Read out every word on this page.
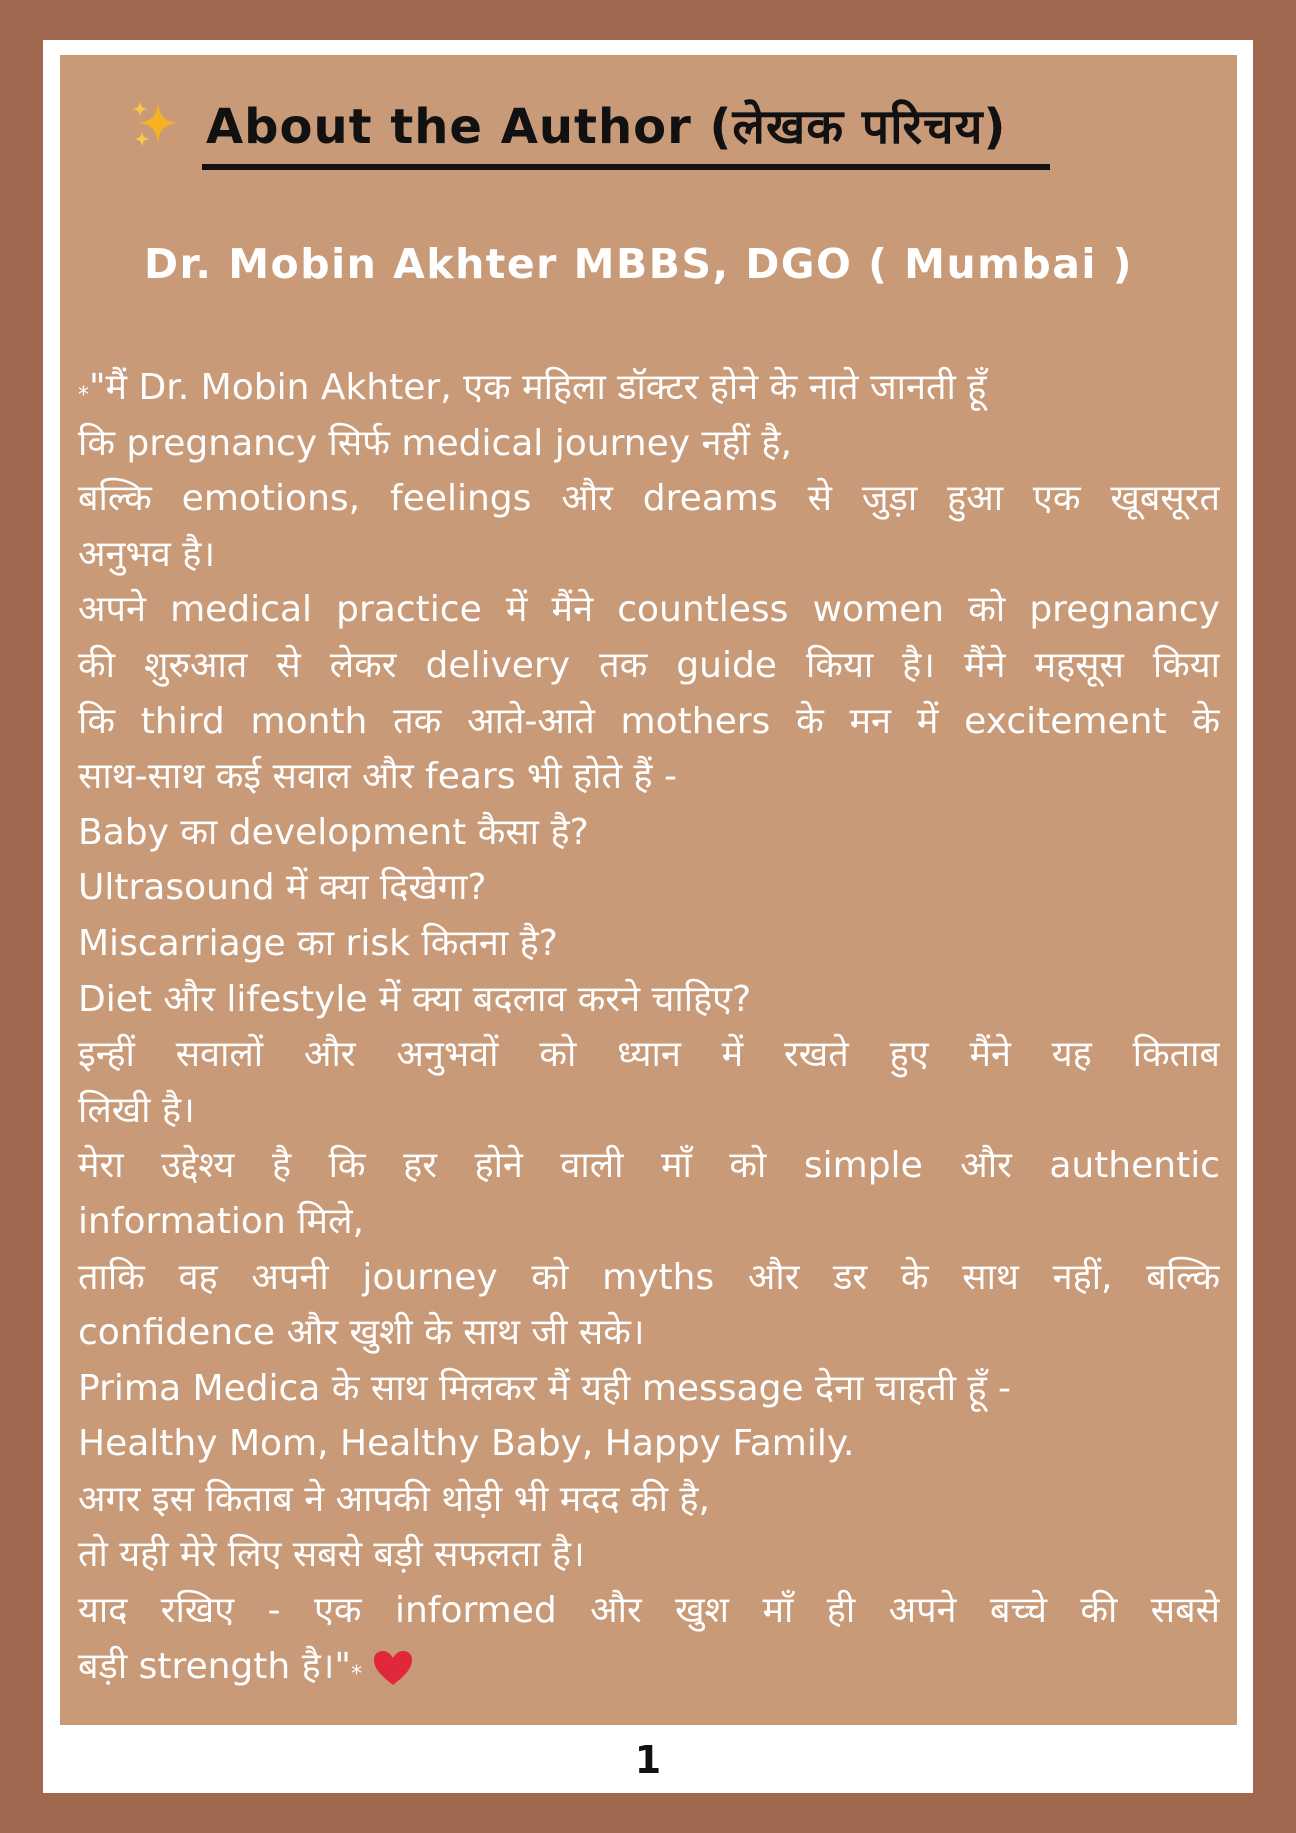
About the Author (लेखक परिचय)
Dr. Mobin Akhter MBBS, DGO ( Mumbai )
⁎"मैं Dr. Mobin Akhter, एक महिला डॉक्टर होने के नाते जानती हूँ
कि pregnancy सिर्फ medical journey नहीं है,
बल्कि emotions, feelings और dreams से जुड़ा हुआ एक खूबसूरत
अनुभव है।
अपने medical practice में मैंने countless women को pregnancy
की शुरुआत से लेकर delivery तक guide किया है। मैंने महसूस किया
कि third month तक आते-आते mothers के मन में excitement के
साथ-साथ कई सवाल और fears भी होते हैं -
Baby का development कैसा है?
Ultrasound में क्या दिखेगा?
Miscarriage का risk कितना है?
Diet और lifestyle में क्या बदलाव करने चाहिए?
इन्हीं सवालों और अनुभवों को ध्यान में रखते हुए मैंने यह किताब
लिखी है।
मेरा उद्देश्य है कि हर होने वाली माँ को simple और authentic
information मिले,
ताकि वह अपनी journey को myths और डर के साथ नहीं, बल्कि
confidence और खुशी के साथ जी सके।
Prima Medica के साथ मिलकर मैं यही message देना चाहती हूँ -
Healthy Mom, Healthy Baby, Happy Family.
अगर इस किताब ने आपकी थोड़ी भी मदद की है,
तो यही मेरे लिए सबसे बड़ी सफलता है।
याद रखिए - एक informed और खुश माँ ही अपने बच्चे की सबसे
बड़ी strength है।"⁎
1
